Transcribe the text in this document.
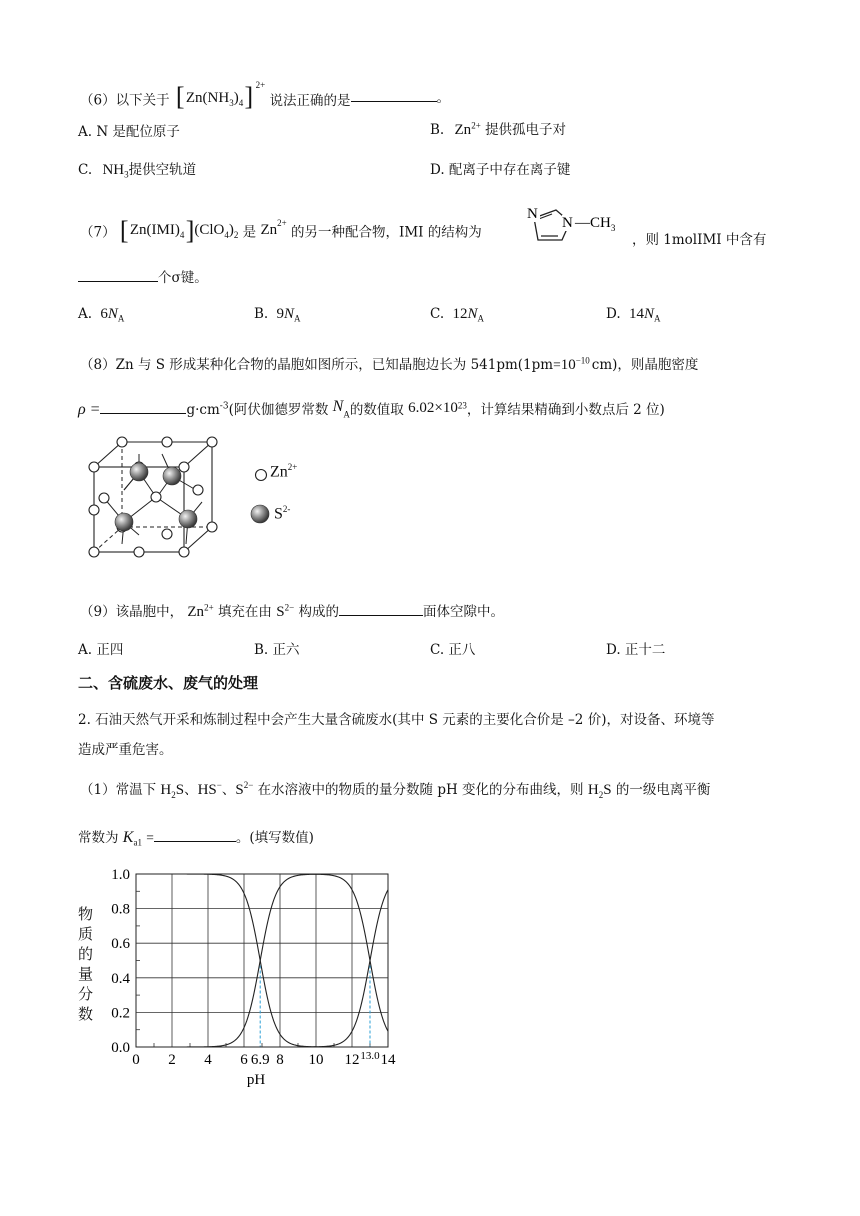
（6）以下关于 [ $Zn(NH_3)_4$ ] 2+
说法正确的是	。
A. N 是配位原子	B. $Zn^{2+}$ 提供孤电子对
C. $NH_3$提供空轨道	D. 配离子中存在离子键
（7） [ $Zn(IMI)_4$ ] $(ClO_4)_2$ 是 $Zn^{2+}$ 的另一种配合物，IMI 的结构为
N
N $—CH_3$
，则 1molIMI 中含有
个σ键。
A. $6N_A$	B. $9N_A$	C. $12N_A$	D. $14N_A$
（8）Zn 与 S 形成某种化合物的晶胞如图所示，已知晶胞边长为 $541pm(1pm=10^{-10}$ cm)，则晶胞密度
ρ =	$g\cdot cm^{-3}$(阿伏伽德罗常数 $N_A$的数值取 $6.02\times 10^{23}$，计算结果精确到小数点后 2 位)
$Zn^{2+}$
$S^{2-}$
（9）该晶胞中， $Zn^{2+}$ 填充在由 $S^{2-}$ 构成的	面体空隙中。
A. 正四	B. 正六	C. 正八	D. 正十二
二、含硫废水、废气的处理
2. 石油天然气开采和炼制过程中会产生大量含硫废水(其中 S 元素的主要化合价是 –2 价)，对设备、环境等
造成严重危害。
（1）常温下 $H_2S$、HS−、$S^{2-}$ 在水溶液中的物质的量分数随 pH 变化的分布曲线，则 $H_2S$ 的一级电离平衡
常数为 $K_{a1}$ =	。(填写数值)
0.0
0.2
0.4
0.6
0.8
1.0
0 2 4 6 6.9 8 10 12 13.0 14
pH
物质的量分数
